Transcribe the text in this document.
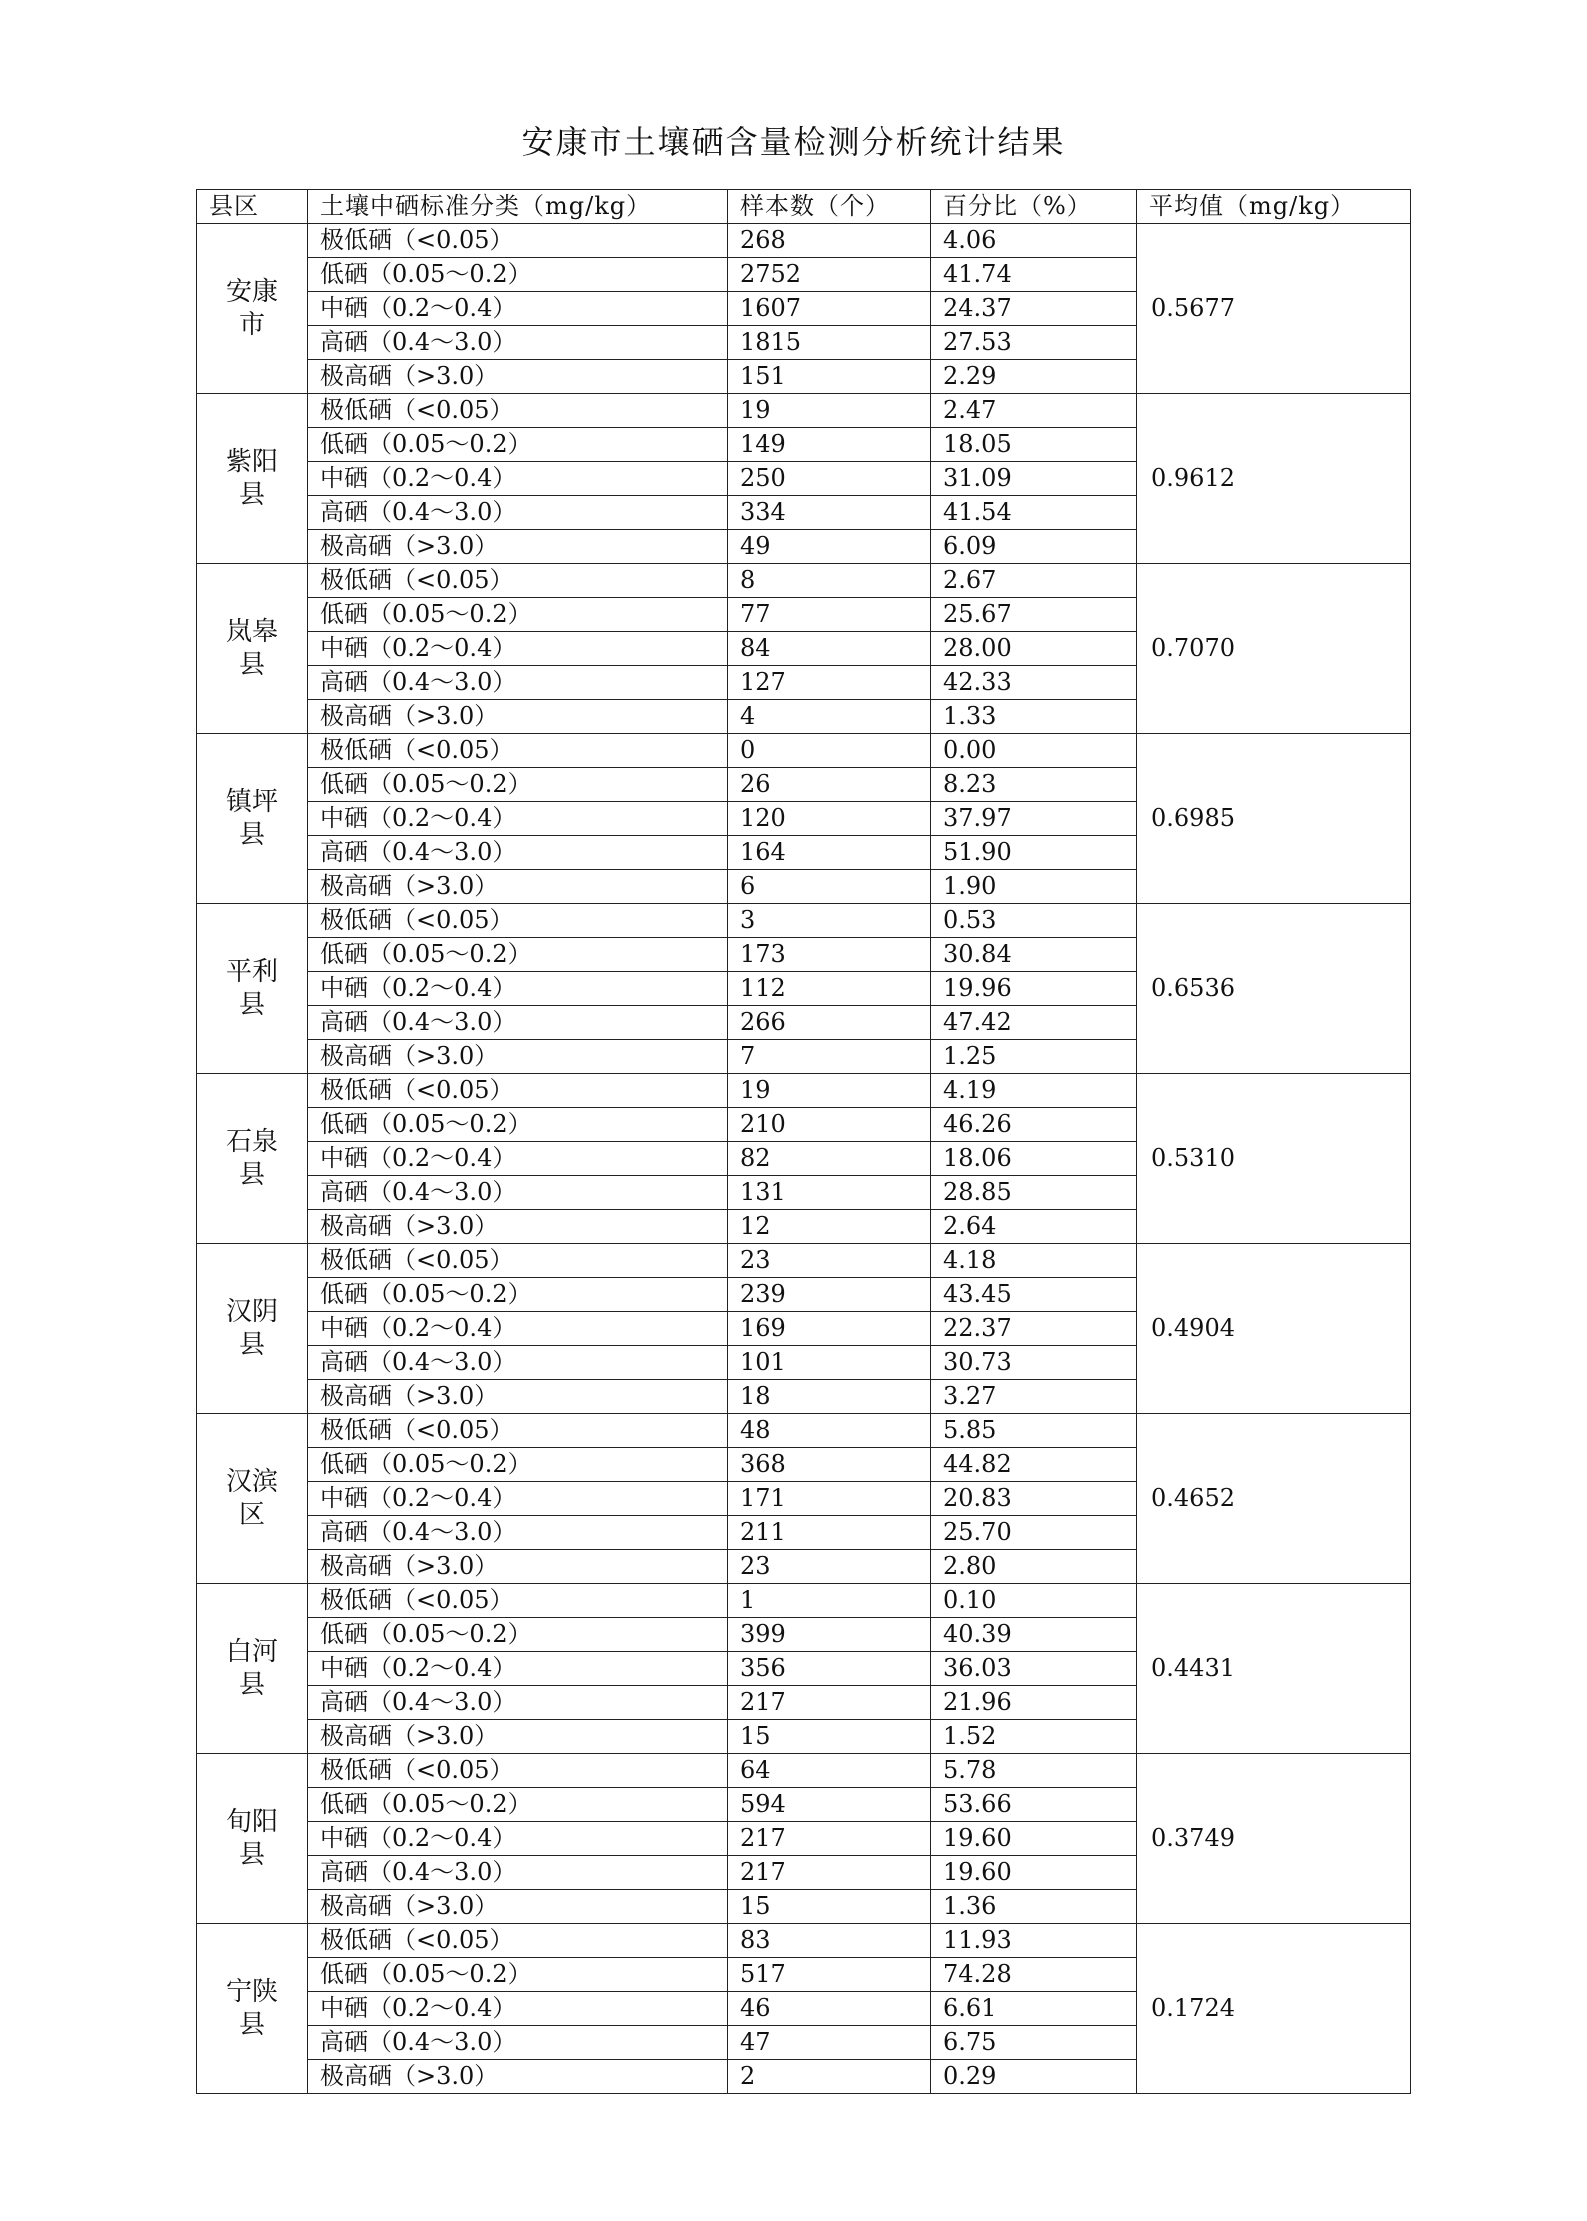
安康市土壤硒含量检测分析统计结果
县区	土壤中硒标准分类（mg/kg）	样本数（个）	百分比（%）	平均值（mg/kg）
安康市	极低硒（<0.05）	268	4.06	0.5677
	低硒（0.05～0.2）	2752	41.74	
	中硒（0.2～0.4）	1607	24.37	
	高硒（0.4～3.0）	1815	27.53	
	极高硒（>3.0）	151	2.29	
紫阳县	极低硒（<0.05）	19	2.47	0.9612
	低硒（0.05～0.2）	149	18.05	
	中硒（0.2～0.4）	250	31.09	
	高硒（0.4～3.0）	334	41.54	
	极高硒（>3.0）	49	6.09	
岚皋县	极低硒（<0.05）	8	2.67	0.7070
	低硒（0.05～0.2）	77	25.67	
	中硒（0.2～0.4）	84	28.00	
	高硒（0.4～3.0）	127	42.33	
	极高硒（>3.0）	4	1.33	
镇坪县	极低硒（<0.05）	0	0.00	0.6985
	低硒（0.05～0.2）	26	8.23	
	中硒（0.2～0.4）	120	37.97	
	高硒（0.4～3.0）	164	51.90	
	极高硒（>3.0）	6	1.90	
平利县	极低硒（<0.05）	3	0.53	0.6536
	低硒（0.05～0.2）	173	30.84	
	中硒（0.2～0.4）	112	19.96	
	高硒（0.4～3.0）	266	47.42	
	极高硒（>3.0）	7	1.25	
石泉县	极低硒（<0.05）	19	4.19	0.5310
	低硒（0.05～0.2）	210	46.26	
	中硒（0.2～0.4）	82	18.06	
	高硒（0.4～3.0）	131	28.85	
	极高硒（>3.0）	12	2.64	
汉阴县	极低硒（<0.05）	23	4.18	0.4904
	低硒（0.05～0.2）	239	43.45	
	中硒（0.2～0.4）	169	22.37	
	高硒（0.4～3.0）	101	30.73	
	极高硒（>3.0）	18	3.27	
汉滨区	极低硒（<0.05）	48	5.85	0.4652
	低硒（0.05～0.2）	368	44.82	
	中硒（0.2～0.4）	171	20.83	
	高硒（0.4～3.0）	211	25.70	
	极高硒（>3.0）	23	2.80	
白河县	极低硒（<0.05）	1	0.10	0.4431
	低硒（0.05～0.2）	399	40.39	
	中硒（0.2～0.4）	356	36.03	
	高硒（0.4～3.0）	217	21.96	
	极高硒（>3.0）	15	1.52	
旬阳县	极低硒（<0.05）	64	5.78	0.3749
	低硒（0.05～0.2）	594	53.66	
	中硒（0.2～0.4）	217	19.60	
	高硒（0.4～3.0）	217	19.60	
	极高硒（>3.0）	15	1.36	
宁陕县	极低硒（<0.05）	83	11.93	0.1724
	低硒（0.05～0.2）	517	74.28	
	中硒（0.2～0.4）	46	6.61	
	高硒（0.4～3.0）	47	6.75	
	极高硒（>3.0）	2	0.29	
